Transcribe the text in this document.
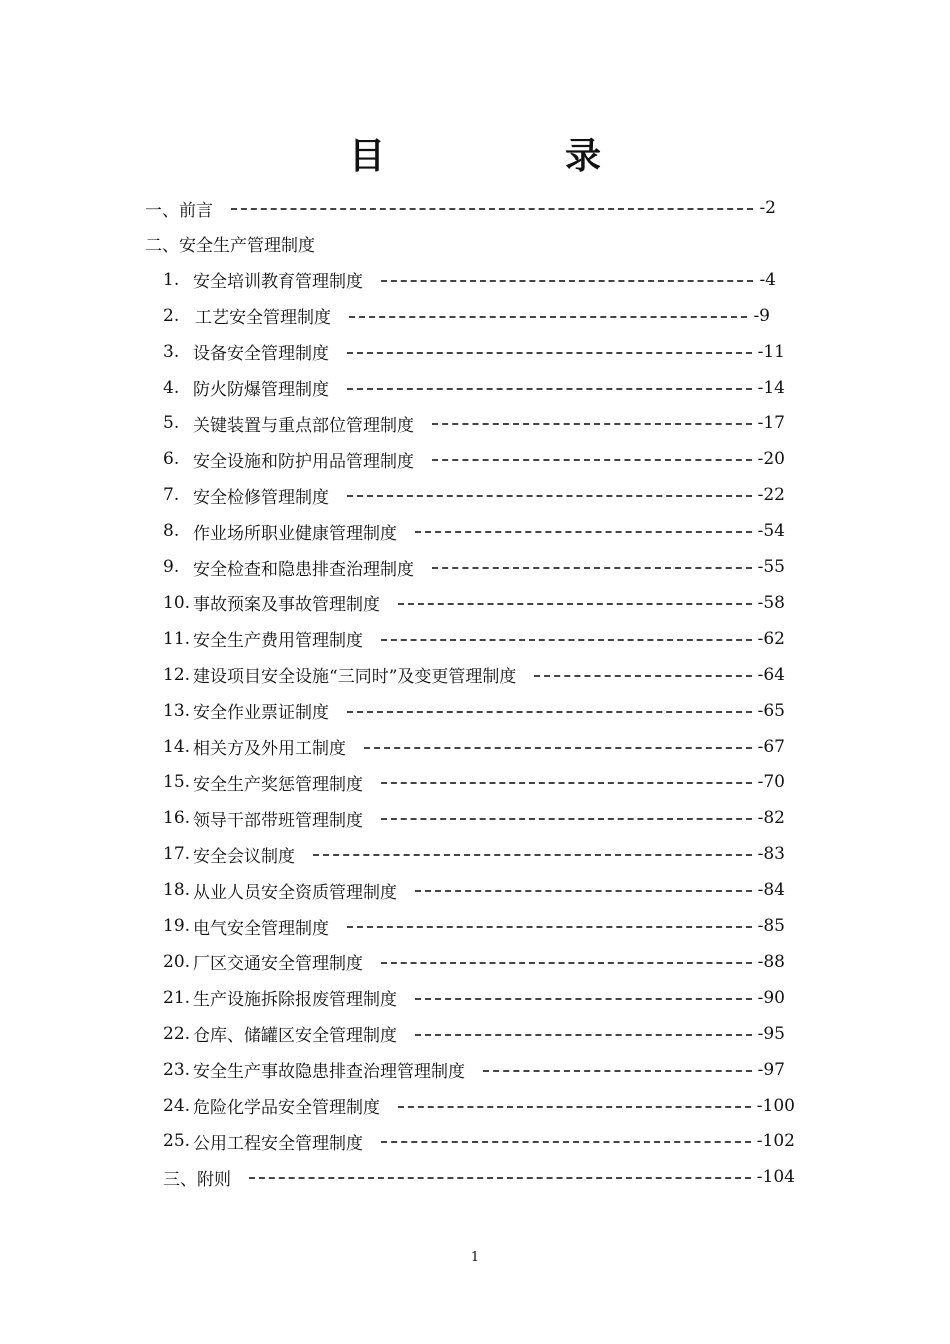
目　录
一、前言	-2
二、安全生产管理制度
1. 安全培训教育管理制度	-4
2. 工艺安全管理制度	-9
3. 设备安全管理制度	-11
4. 防火防爆管理制度	-14
5. 关键装置与重点部位管理制度	-17
6. 安全设施和防护用品管理制度	-20
7. 安全检修管理制度	-22
8. 作业场所职业健康管理制度	-54
9. 安全检查和隐患排查治理制度	-55
10. 事故预案及事故管理制度	-58
11. 安全生产费用管理制度	-62
12. 建设项目安全设施“三同时”及变更管理制度	-64
13. 安全作业票证制度	-65
14. 相关方及外用工制度	-67
15. 安全生产奖惩管理制度	-70
16. 领导干部带班管理制度	-82
17. 安全会议制度	-83
18. 从业人员安全资质管理制度	-84
19. 电气安全管理制度	-85
20. 厂区交通安全管理制度	-88
21. 生产设施拆除报废管理制度	-90
22. 仓库、储罐区安全管理制度	-95
23. 安全生产事故隐患排查治理管理制度	-97
24. 危险化学品安全管理制度	-100
25. 公用工程安全管理制度	-102
三、附则	-104
1
